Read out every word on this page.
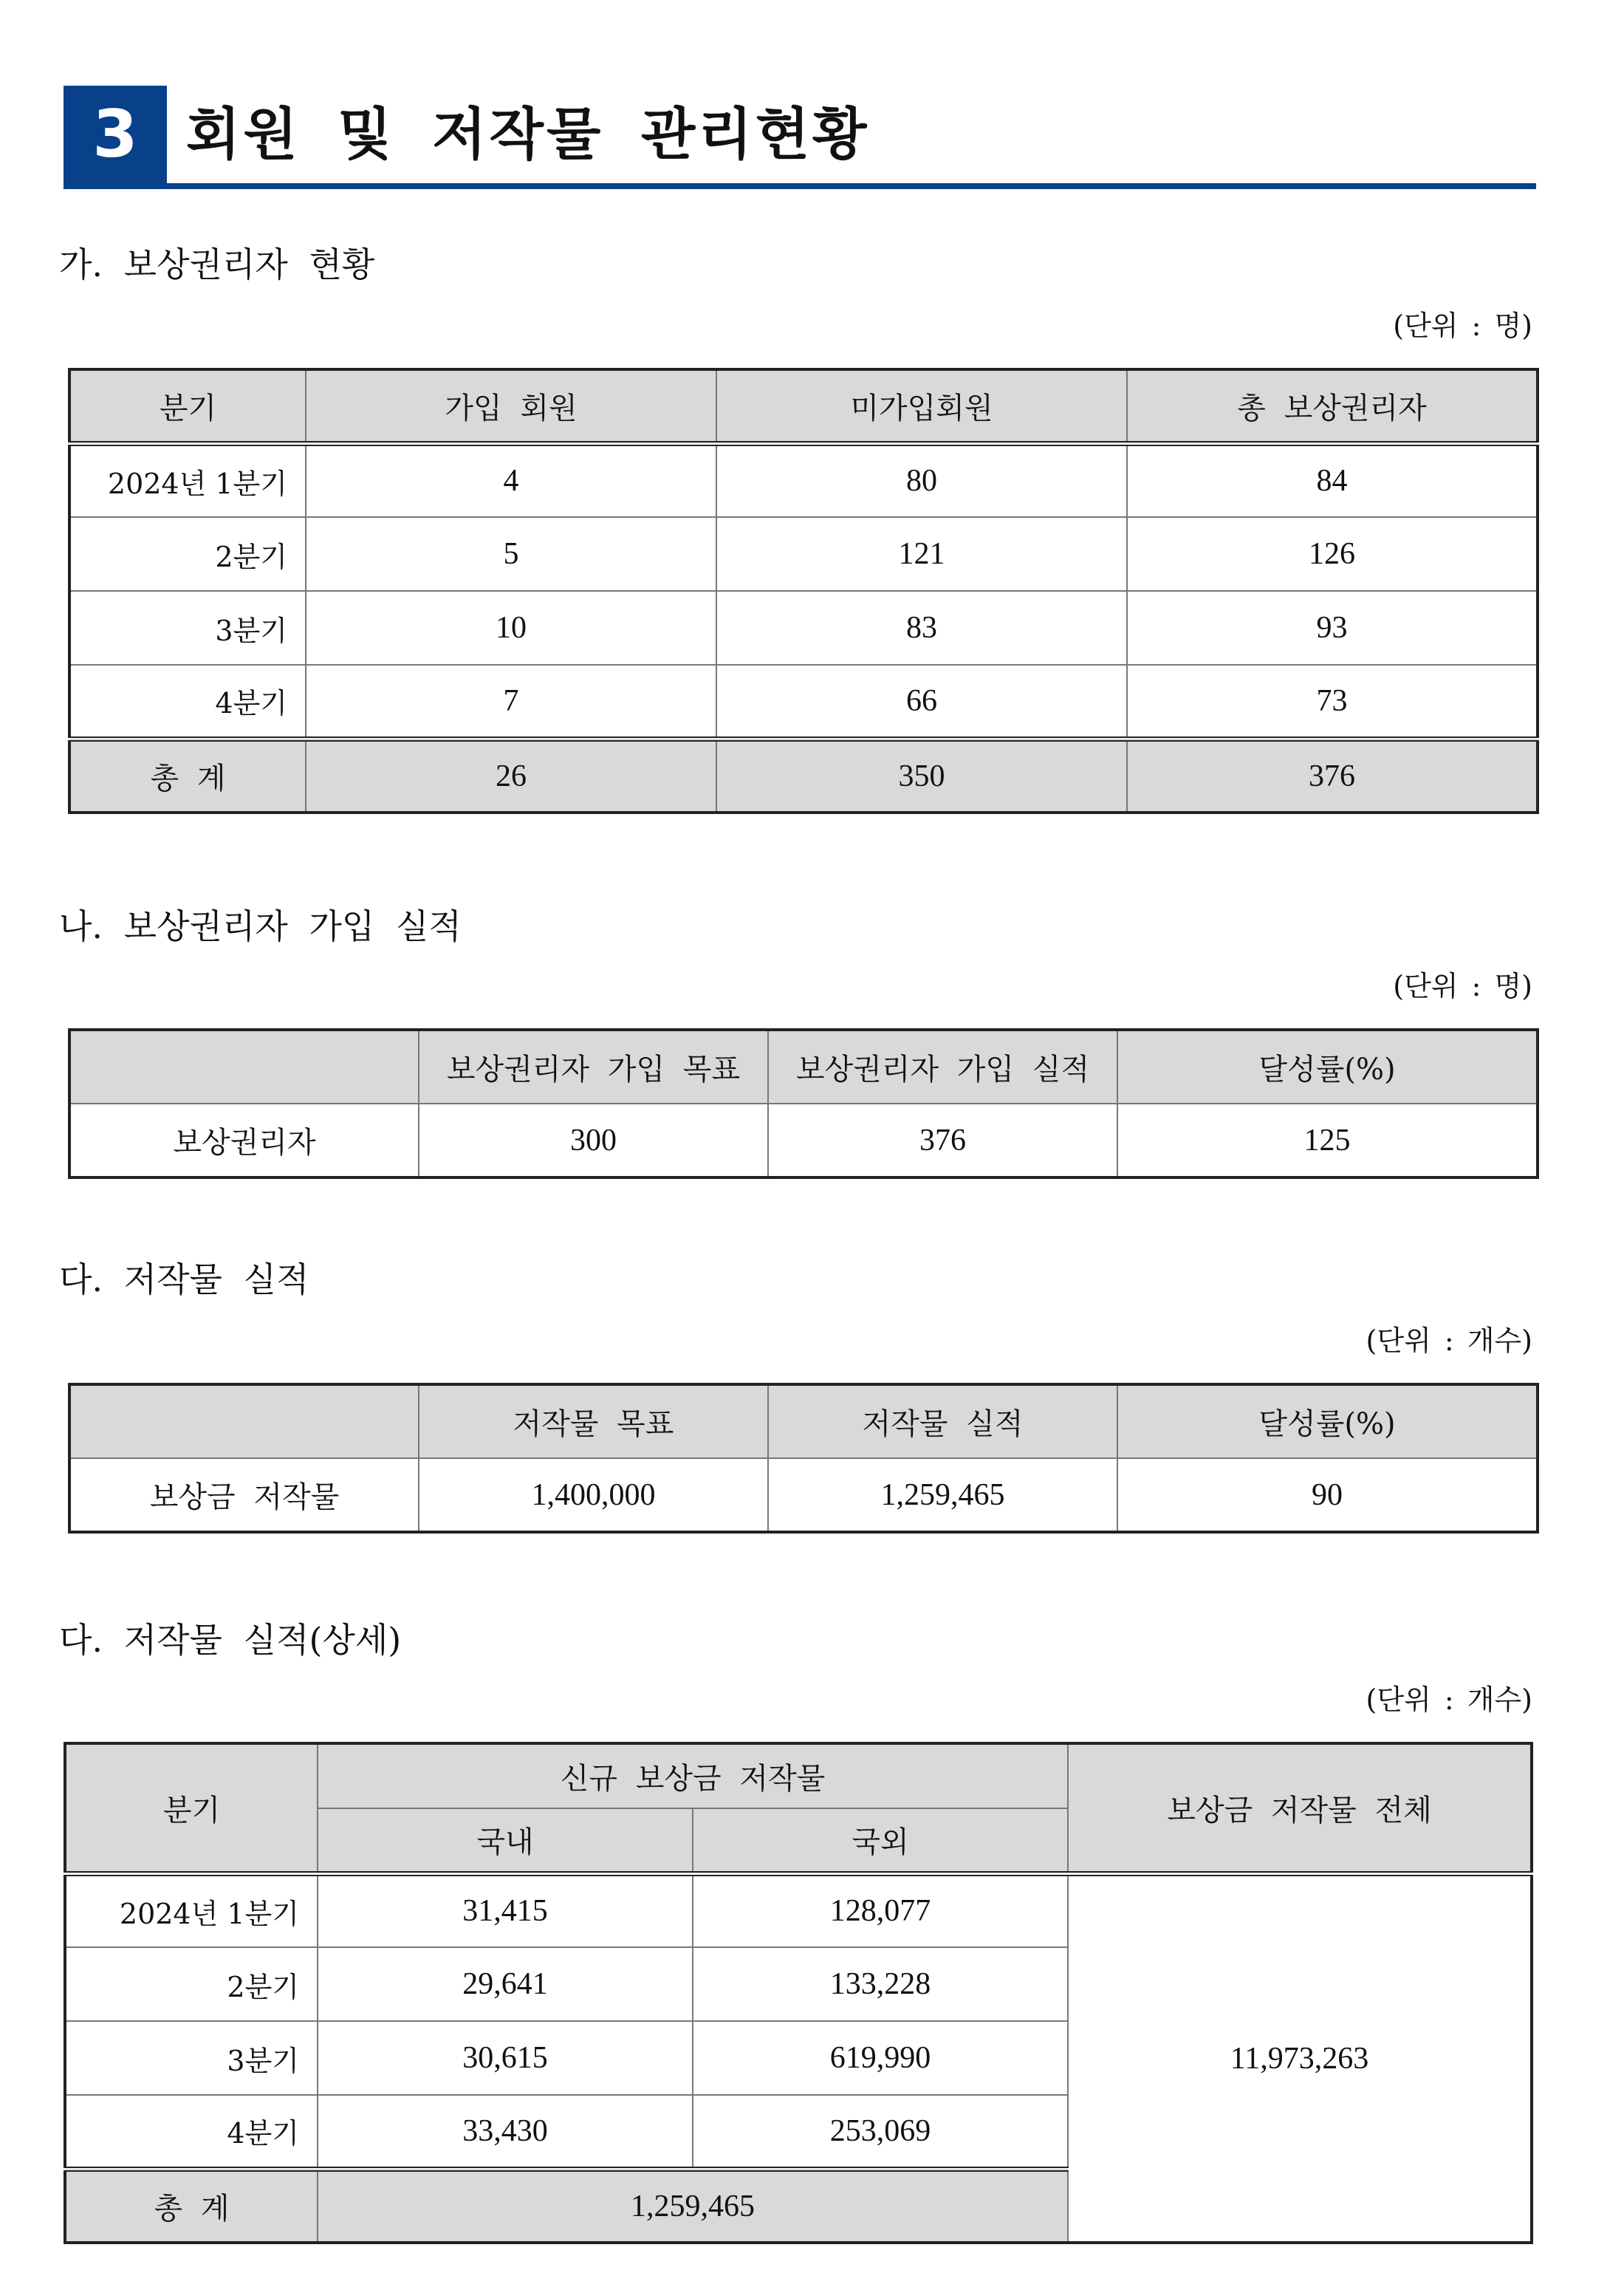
3 회원 및 저작물 관리현황
가. 보상권리자 현황
(단위 : 명)
분기	가입 회원	미가입회원	총 보상권리자
2024년 1분기	4	80	84
2분기	5	121	126
3분기	10	83	93
4분기	7	66	73
총 계	26	350	376
나. 보상권리자 가입 실적
(단위 : 명)
	보상권리자 가입 목표	보상권리자 가입 실적	달성률(%)
보상권리자	300	376	125
다. 저작물 실적
(단위 : 개수)
	저작물 목표	저작물 실적	달성률(%)
보상금 저작물	1,400,000	1,259,465	90
다. 저작물 실적(상세)
(단위 : 개수)
분기	신규 보상금 저작물		보상금 저작물 전체
	국내	국외	
2024년 1분기	31,415	128,077	11,973,263
2분기	29,641	133,228	
3분기	30,615	619,990	
4분기	33,430	253,069	
총 계	1,259,465		
